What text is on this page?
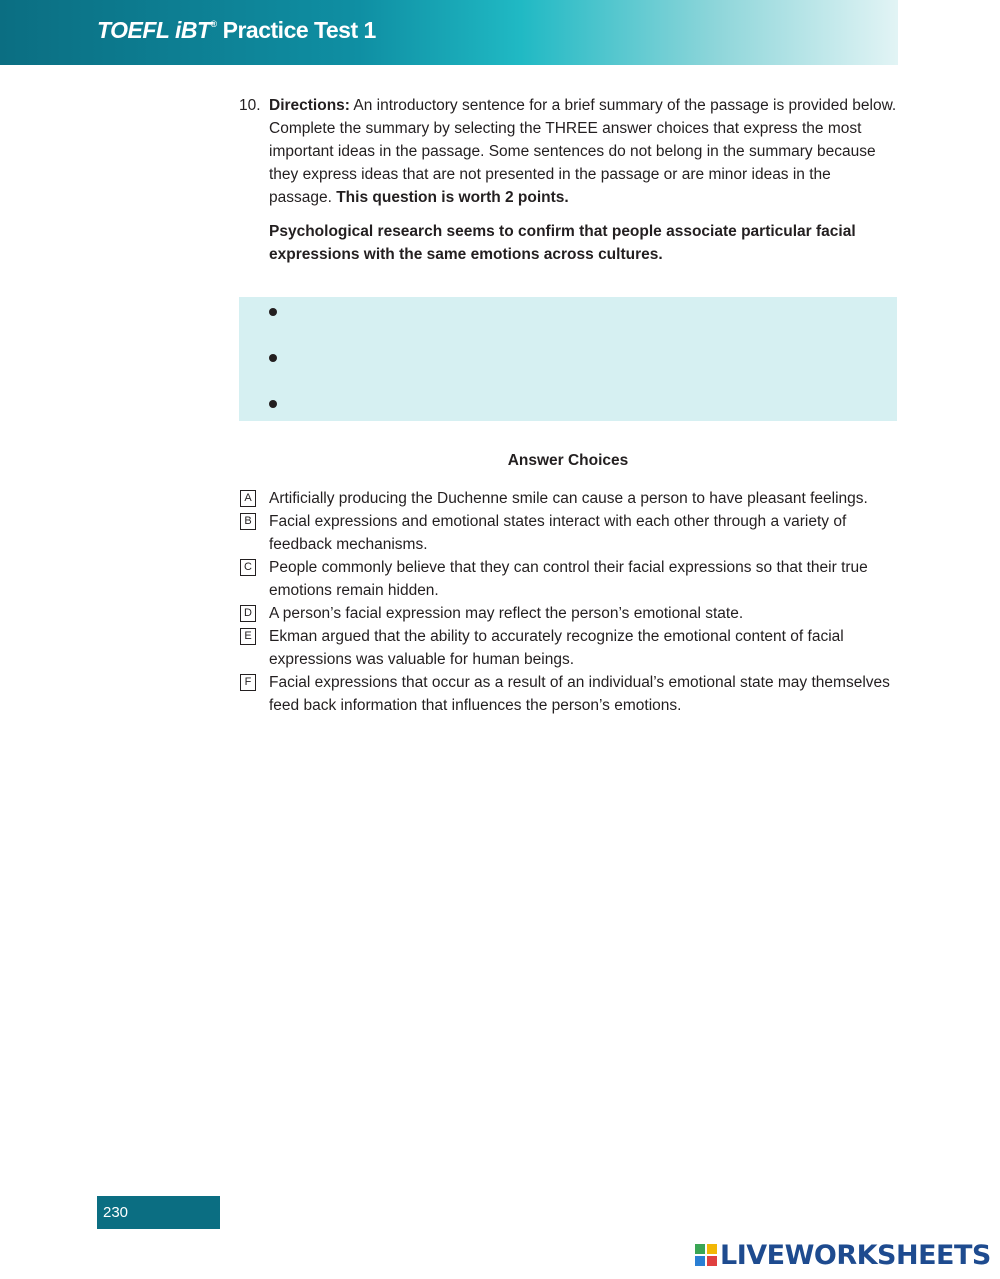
TOEFL iBT® Practice Test 1
10. Directions: An introductory sentence for a brief summary of the passage is provided below. Complete the summary by selecting the THREE answer choices that express the most important ideas in the passage. Some sentences do not belong in the summary because they express ideas that are not presented in the passage or are minor ideas in the passage. This question is worth 2 points.
Psychological research seems to confirm that people associate particular facial expressions with the same emotions across cultures.
Answer Choices
A Artificially producing the Duchenne smile can cause a person to have pleasant feelings.
B Facial expressions and emotional states interact with each other through a variety of feedback mechanisms.
C People commonly believe that they can control their facial expressions so that their true emotions remain hidden.
D A person’s facial expression may reflect the person’s emotional state.
E Ekman argued that the ability to accurately recognize the emotional content of facial expressions was valuable for human beings.
F Facial expressions that occur as a result of an individual’s emotional state may themselves feed back information that influences the person’s emotions.
230
LIVEWORKSHEETS
